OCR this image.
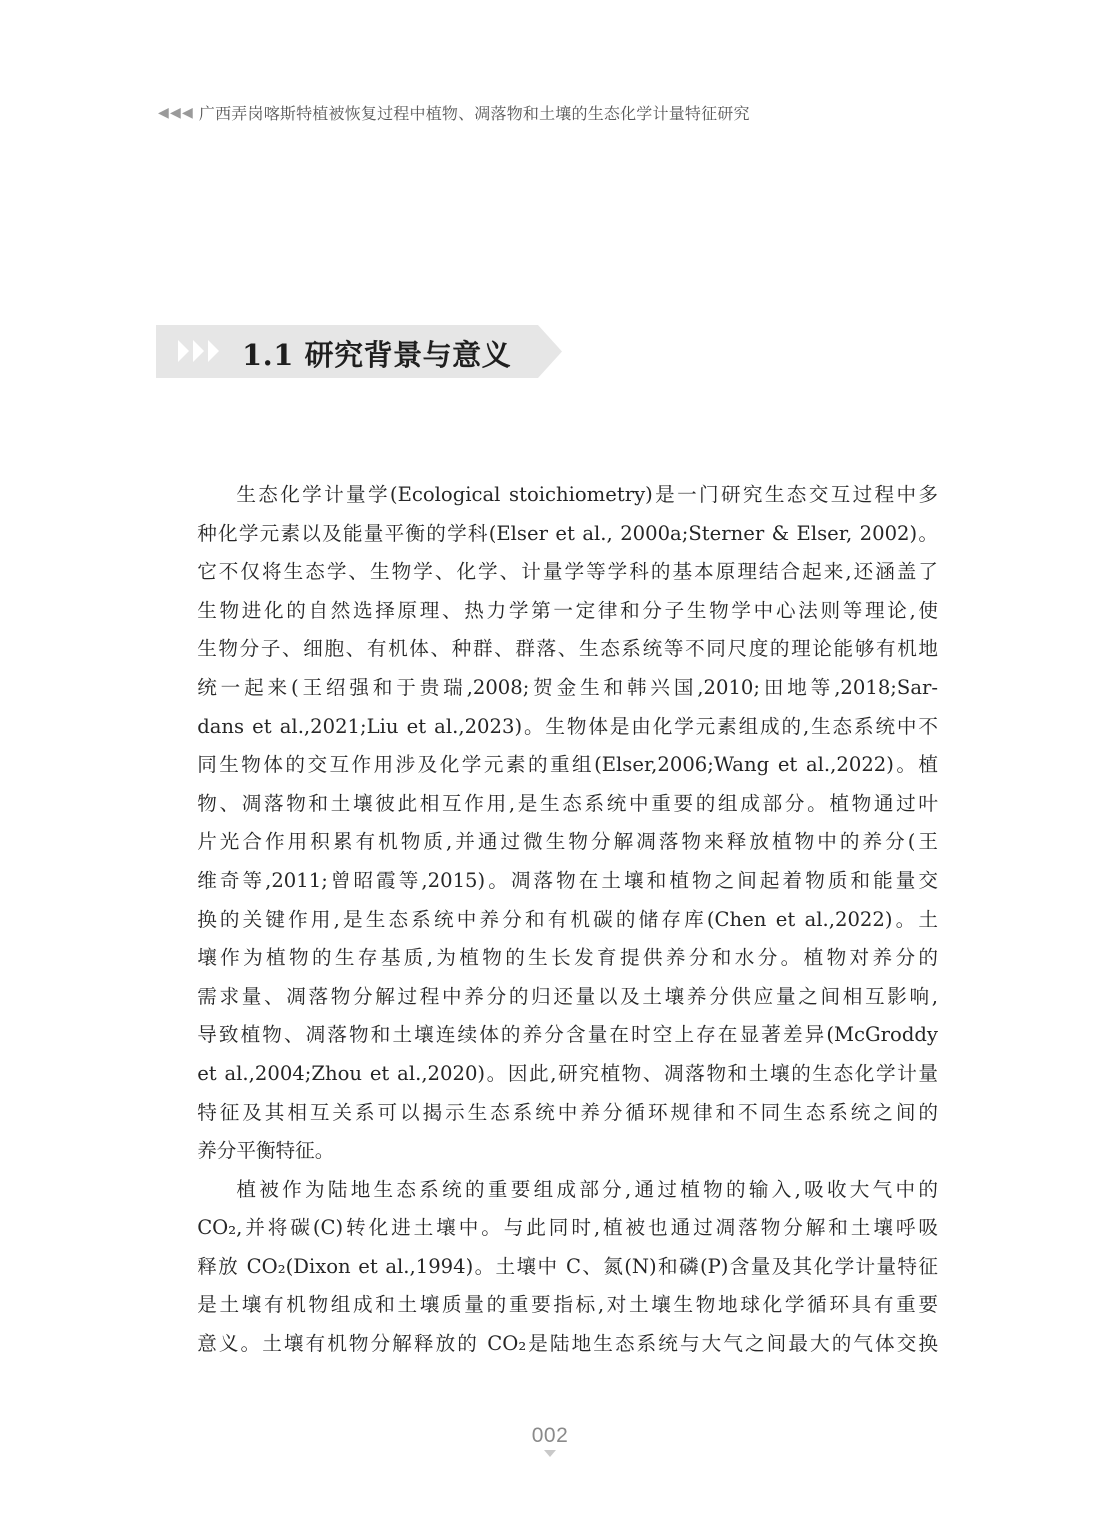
◀ ◀ ◀ 广西弄岗喀斯特植被恢复过程中植物、凋落物和土壤的生态化学计量特征研究
1.1 研究背景与意义
生态化学计量学(Ecological stoichiometry)是一门研究生态交互过程中多
种化学元素以及能量平衡的学科(Elser et al., 2000a;Sterner & Elser, 2002)。
它不仅将生态学、生物学、化学、计量学等学科的基本原理结合起来,还涵盖了
生物进化的自然选择原理、热力学第一定律和分子生物学中心法则等理论,使
生物分子、细胞、有机体、种群、群落、生态系统等不同尺度的理论能够有机地
统一起来(王绍强和于贵瑞,2008;贺金生和韩兴国,2010;田地等,2018;Sar-
dans et al.,2021;Liu et al.,2023)。生物体是由化学元素组成的,生态系统中不
同生物体的交互作用涉及化学元素的重组(Elser,2006;Wang et al.,2022)。植
物、凋落物和土壤彼此相互作用,是生态系统中重要的组成部分。植物通过叶
片光合作用积累有机物质,并通过微生物分解凋落物来释放植物中的养分(王
维奇等,2011;曾昭霞等,2015)。凋落物在土壤和植物之间起着物质和能量交
换的关键作用,是生态系统中养分和有机碳的储存库(Chen et al.,2022)。土
壤作为植物的生存基质,为植物的生长发育提供养分和水分。植物对养分的
需求量、凋落物分解过程中养分的归还量以及土壤养分供应量之间相互影响,
导致植物、凋落物和土壤连续体的养分含量在时空上存在显著差异(McGroddy
et al.,2004;Zhou et al.,2020)。因此,研究植物、凋落物和土壤的生态化学计量
特征及其相互关系可以揭示生态系统中养分循环规律和不同生态系统之间的
养分平衡特征。
植被作为陆地生态系统的重要组成部分,通过植物的输入,吸收大气中的
CO₂,并将碳(C)转化进土壤中。与此同时,植被也通过凋落物分解和土壤呼吸
释放 CO₂(Dixon et al.,1994)。土壤中 C、氮(N)和磷(P)含量及其化学计量特征
是土壤有机物组成和土壤质量的重要指标,对土壤生物地球化学循环具有重要
意义。土壤有机物分解释放的 CO₂是陆地生态系统与大气之间最大的气体交换
002
